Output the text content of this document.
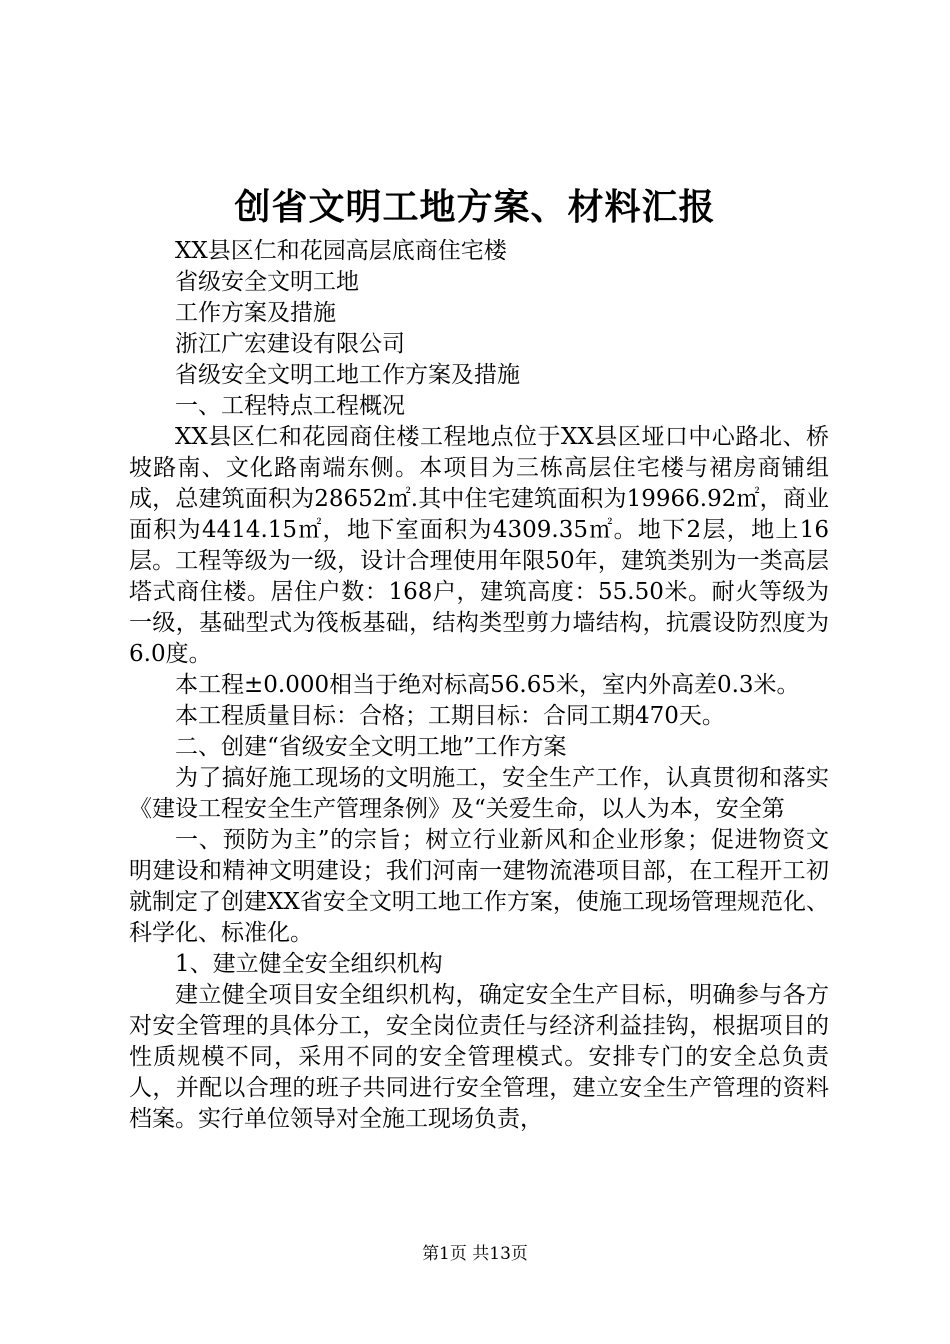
创省文明工地方案、材料汇报

XX县区仁和花园高层底商住宅楼

省级安全文明工地

工作方案及措施

浙江广宏建设有限公司

省级安全文明工地工作方案及措施

一、工程特点工程概况

XX县区仁和花园商住楼工程地点位于XX县区垭口中心路北、桥坡路南、文化路南端东侧。本项目为三栋高层住宅楼与裙房商铺组成，总建筑面积为28652㎡.其中住宅建筑面积为19966.92㎡，商业面积为4414.15㎡，地下室面积为4309.35㎡。地下2层，地上16层。工程等级为一级，设计合理使用年限50年，建筑类别为一类高层塔式商住楼。居住户数：168户，建筑高度：55.50米。耐火等级为一级，基础型式为筏板基础，结构类型剪力墙结构，抗震设防烈度为6.0度。

本工程±0.000相当于绝对标高56.65米，室内外高差0.3米。

本工程质量目标：合格；工期目标：合同工期470天。

二、创建“省级安全文明工地”工作方案

为了搞好施工现场的文明施工，安全生产工作，认真贯彻和落实《建设工程安全生产管理条例》及“关爱生命，以人为本，安全第

一、预防为主”的宗旨；树立行业新风和企业形象；促进物资文明建设和精神文明建设；我们河南一建物流港项目部，在工程开工初就制定了创建XX省安全文明工地工作方案，使施工现场管理规范化、科学化、标准化。

1、建立健全安全组织机构

建立健全项目安全组织机构，确定安全生产目标，明确参与各方对安全管理的具体分工，安全岗位责任与经济利益挂钩，根据项目的性质规模不同，采用不同的安全管理模式。安排专门的安全总负责人，并配以合理的班子共同进行安全管理，建立安全生产管理的资料档案。实行单位领导对全施工现场负责，

第1页 共13页
